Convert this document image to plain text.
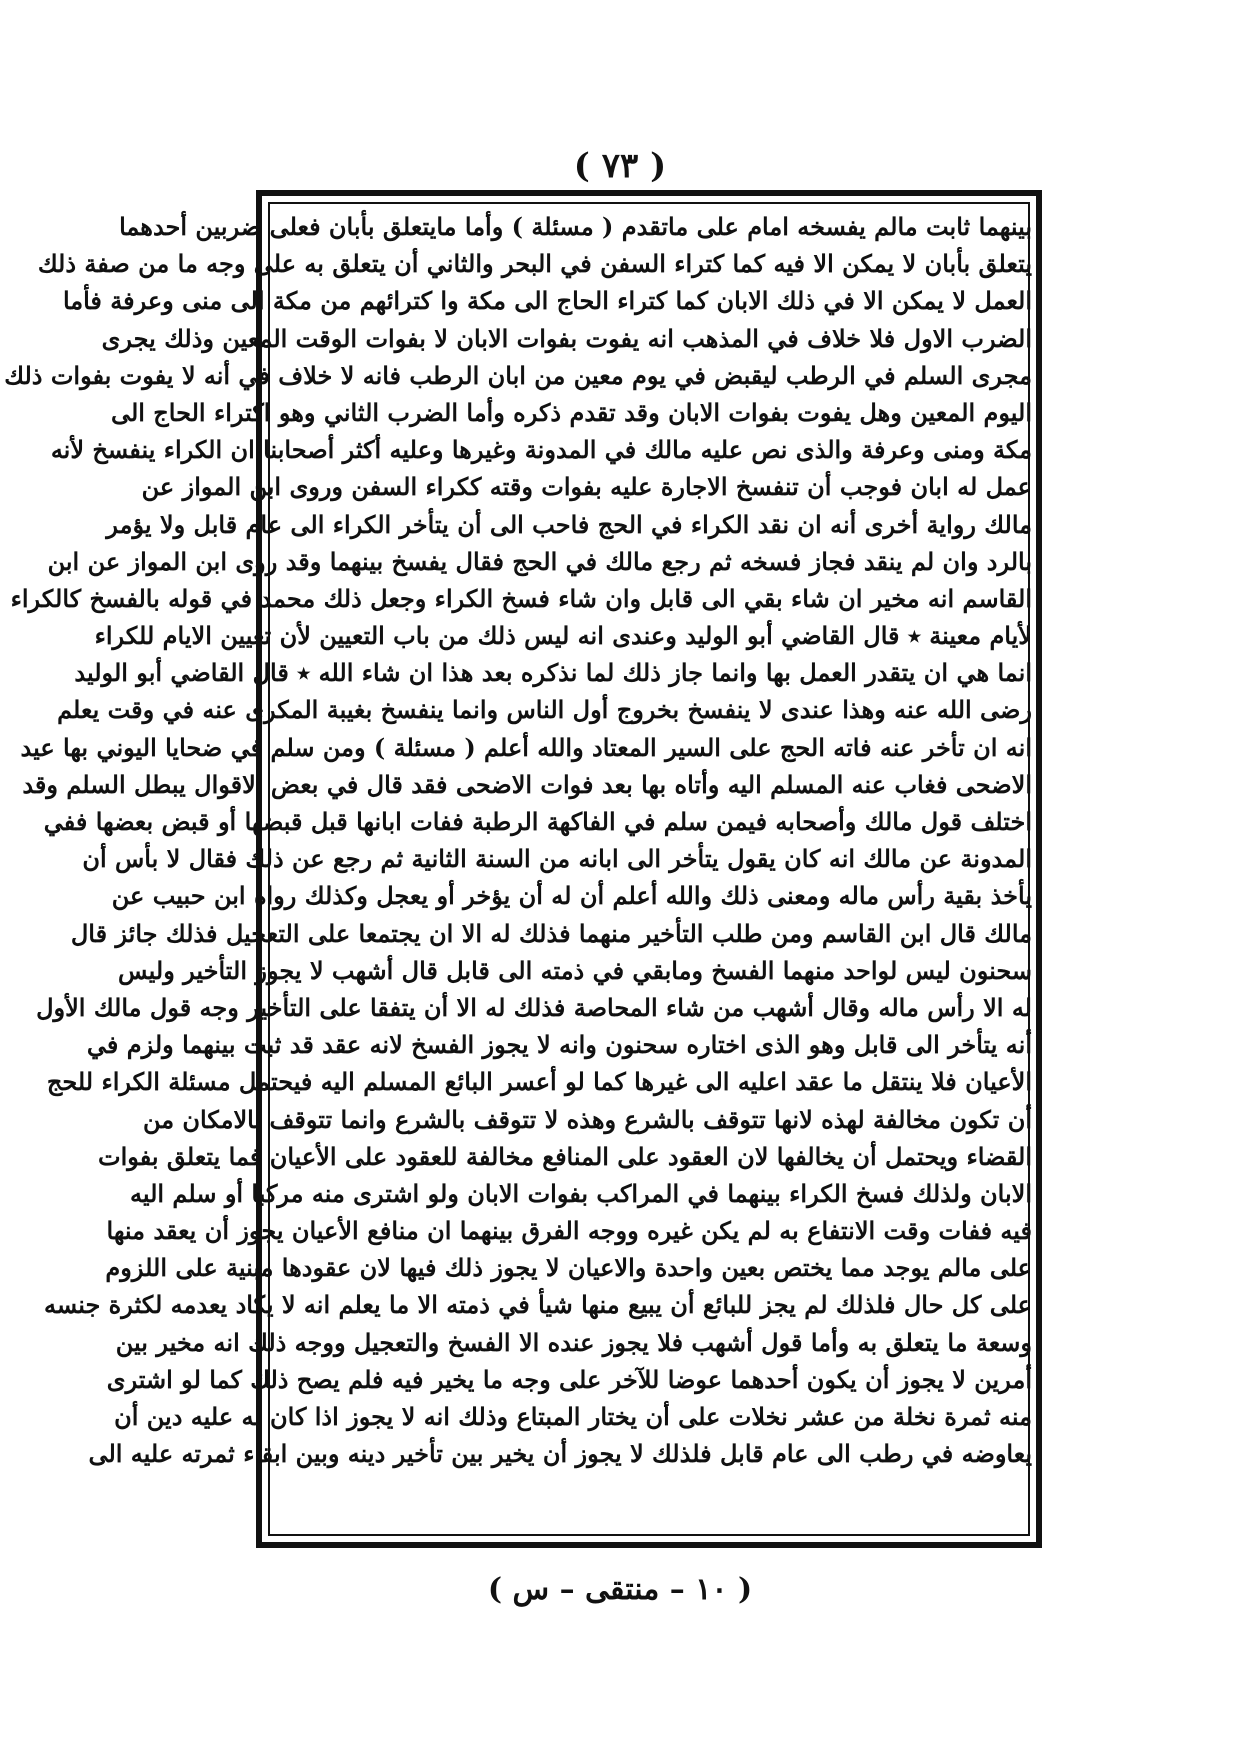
( ٧٣ )
بينهما ثابت مالم يفسخه امام على ماتقدم ( مسئلة ) وأما مايتعلق بأبان فعلى ضربين أحدهما
يتعلق بأبان لا يمكن الا فيه كما كتراء السفن في البحر والثاني أن يتعلق به على وجه ما من صفة ذلك
العمل لا يمكن الا في ذلك الابان كما كتراء الحاج الى مكة وا كترائهم من مكة الى منى وعرفة فأما
الضرب الاول فلا خلاف في المذهب انه يفوت بفوات الابان لا بفوات الوقت المعين وذلك يجرى
مجرى السلم في الرطب ليقبض في يوم معين من ابان الرطب فانه لا خلاف في أنه لا يفوت بفوات ذلك
اليوم المعين وهل يفوت بفوات الابان وقد تقدم ذكره وأما الضرب الثاني وهو اكتراء الحاج الى
مكة ومنى وعرفة والذى نص عليه مالك في المدونة وغيرها وعليه أكثر أصحابنا ان الكراء ينفسخ لأنه
عمل له ابان فوجب أن تنفسخ الاجارة عليه بفوات وقته ككراء السفن وروى ابن المواز عن
مالك رواية أخرى أنه ان نقد الكراء في الحج فاحب الى أن يتأخر الكراء الى عام قابل ولا يؤمر
بالرد وان لم ينقد فجاز فسخه ثم رجع مالك في الحج فقال يفسخ بينهما وقد روى ابن المواز عن ابن
القاسم انه مخير ان شاء بقي الى قابل وان شاء فسخ الكراء وجعل ذلك محمد في قوله بالفسخ كالكراء
لأيام معينة ٭ قال القاضي أبو الوليد وعندى انه ليس ذلك من باب التعيين لأن تعيين الايام للكراء
انما هي ان يتقدر العمل بها وانما جاز ذلك لما نذكره بعد هذا ان شاء الله ٭ قال القاضي أبو الوليد
رضى الله عنه وهذا عندى لا ينفسخ بخروج أول الناس وانما ينفسخ بغيبة المكرى عنه في وقت يعلم
انه ان تأخر عنه فاته الحج على السير المعتاد والله أعلم ( مسئلة ) ومن سلم في ضحايا اليوني بها عيد
الاضحى فغاب عنه المسلم اليه وأتاه بها بعد فوات الاضحى فقد قال في بعض الاقوال يبطل السلم وقد
اختلف قول مالك وأصحابه فيمن سلم في الفاكهة الرطبة ففات ابانها قبل قبضها أو قبض بعضها ففي
المدونة عن مالك انه كان يقول يتأخر الى ابانه من السنة الثانية ثم رجع عن ذلك فقال لا بأس أن
يأخذ بقية رأس ماله ومعنى ذلك والله أعلم أن له أن يؤخر أو يعجل وكذلك رواه ابن حبيب عن
مالك قال ابن القاسم ومن طلب التأخير منهما فذلك له الا ان يجتمعا على التعجيل فذلك جائز قال
سحنون ليس لواحد منهما الفسخ ومابقي في ذمته الى قابل قال أشهب لا يجوز التأخير وليس
له الا رأس ماله وقال أشهب من شاء المحاصة فذلك له الا أن يتفقا على التأخير وجه قول مالك الأول
أنه يتأخر الى قابل وهو الذى اختاره سحنون وانه لا يجوز الفسخ لانه عقد قد ثبت بينهما ولزم في
الأعيان فلا ينتقل ما عقد اعليه الى غيرها كما لو أعسر البائع المسلم اليه فيحتمل مسئلة الكراء للحج
أن تكون مخالفة لهذه لانها تتوقف بالشرع وهذه لا تتوقف بالشرع وانما تتوقف بالامكان من
القضاء ويحتمل أن يخالفها لان العقود على المنافع مخالفة للعقود على الأعيان فما يتعلق بفوات
الابان ولذلك فسخ الكراء بينهما في المراكب بفوات الابان ولو اشترى منه مركبا أو سلم اليه
فيه ففات وقت الانتفاع به لم يكن غيره ووجه الفرق بينهما ان منافع الأعيان يجوز أن يعقد منها
على مالم يوجد مما يختص بعين واحدة والاعيان لا يجوز ذلك فيها لان عقودها مبنية على اللزوم
على كل حال فلذلك لم يجز للبائع أن يبيع منها شيأ في ذمته الا ما يعلم انه لا يكاد يعدمه لكثرة جنسه
وسعة ما يتعلق به وأما قول أشهب فلا يجوز عنده الا الفسخ والتعجيل ووجه ذلك انه مخير بين
أمرين لا يجوز أن يكون أحدهما عوضا للآخر على وجه ما يخير فيه فلم يصح ذلك كما لو اشترى
منه ثمرة نخلة من عشر نخلات على أن يختار المبتاع وذلك انه لا يجوز اذا كان له عليه دين أن
يعاوضه في رطب الى عام قابل فلذلك لا يجوز أن يخير بين تأخير دينه وبين ابقاء ثمرته عليه الى
( ١٠ – منتقى – س )
